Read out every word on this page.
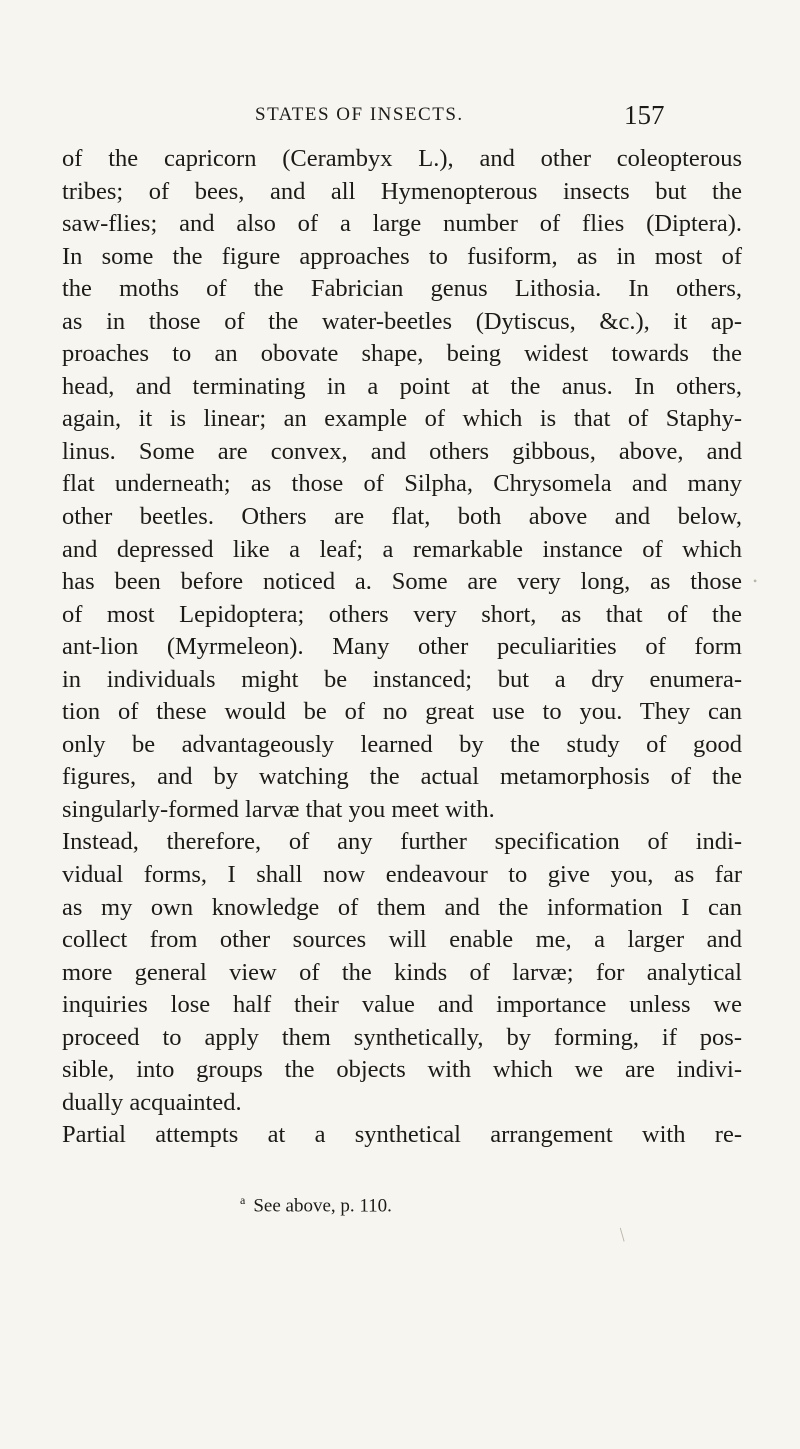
STATES OF INSECTS.	157
of the capricorn (Cerambyx L.), and other coleopterous
tribes; of bees, and all Hymenopterous insects but the
saw-flies; and also of a large number of flies (Diptera).
In some the figure approaches to fusiform, as in most of
the moths of the Fabrician genus Lithosia. In others,
as in those of the water-beetles (Dytiscus, &c.), it ap-
proaches to an obovate shape, being widest towards the
head, and terminating in a point at the anus. In others,
again, it is linear; an example of which is that of Staphy-
linus. Some are convex, and others gibbous, above, and
flat underneath; as those of Silpha, Chrysomela and many
other beetles. Others are flat, both above and below,
and depressed like a leaf; a remarkable instance of which
has been before noticed a. Some are very long, as those
of most Lepidoptera; others very short, as that of the
ant-lion (Myrmeleon). Many other peculiarities of form
in individuals might be instanced; but a dry enumera-
tion of these would be of no great use to you. They can
only be advantageously learned by the study of good
figures, and by watching the actual metamorphosis of the
singularly-formed larvæ that you meet with.
Instead, therefore, of any further specification of indi-
vidual forms, I shall now endeavour to give you, as far
as my own knowledge of them and the information I can
collect from other sources will enable me, a larger and
more general view of the kinds of larvæ; for analytical
inquiries lose half their value and importance unless we
proceed to apply them synthetically, by forming, if pos-
sible, into groups the objects with which we are indivi-
dually acquainted.
Partial attempts at a synthetical arrangement with re-
$^a$ See above, p. 110.
•
/
